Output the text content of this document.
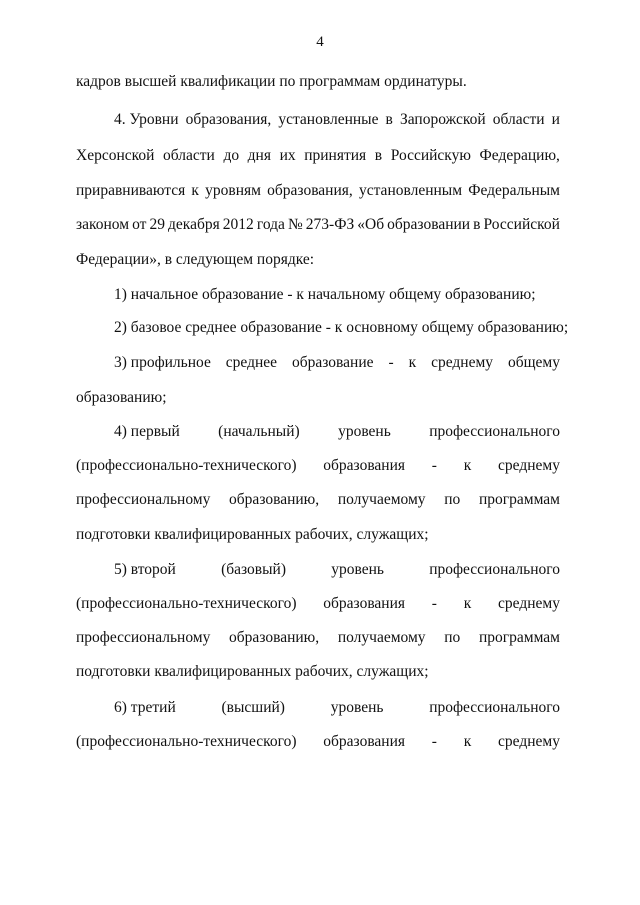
4
кадров высшей квалификации по программам ординатуры.
4. Уровни образования, установленные в Запорожской области и
Херсонской области до дня их принятия в Российскую Федерацию,
приравниваются к уровням образования, установленным Федеральным
законом от 29 декабря 2012 года № 273-ФЗ «Об образовании в Российской
Федерации», в следующем порядке:
1) начальное образование - к начальному общему образованию;
2) базовое среднее образование - к основному общему образованию;
3) профильное среднее образование - к среднему общему
образованию;
4) первый (начальный) уровень профессионального
(профессионально-технического) образования - к среднему
профессиональному образованию, получаемому по программам
подготовки квалифицированных рабочих, служащих;
5) второй	(базовый)	уровень	профессионального
(профессионально-технического) образования - к среднему
профессиональному образованию, получаемому по программам
подготовки квалифицированных рабочих, служащих;
6) третий	(высший)	уровень	профессионального
(профессионально-технического) образования - к среднему
